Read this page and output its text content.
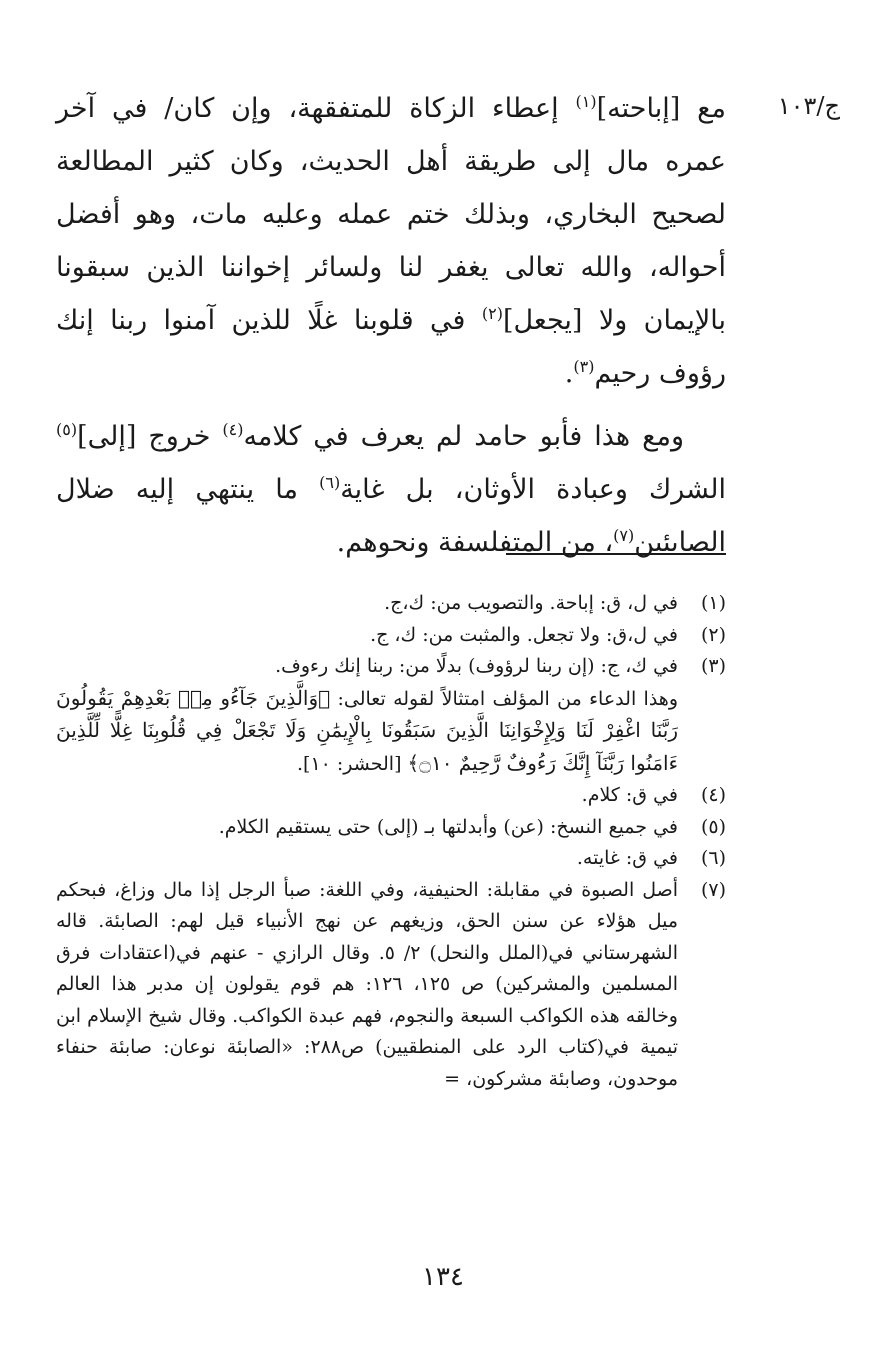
ج/١٠٣

مع [إباحته]$^{(١)}$ إعطاء الزكاة للمتفقهة، وإن كان/ في آخر عمره مال إلى طريقة أهل الحديث، وكان كثير المطالعة لصحيح البخاري، وبذلك ختم عمله وعليه مات، وهو أفضل أحواله، والله تعالى يغفر لنا ولسائر إخواننا الذين سبقونا بالإيمان ولا [يجعل]$^{(٢)}$ في قلوبنا غلًا للذين آمنوا ربنا إنك رؤوف رحيم$^{(٣)}$.

ومع هذا فأبو حامد لم يعرف في كلامه$^{(٤)}$ خروج [إلى]$^{(٥)}$ الشرك وعبادة الأوثان، بل غاية$^{(٦)}$ ما ينتهي إليه ضلال الصابئين$^{(٧)}$، من المتفلسفة ونحوهم.

(١)
في ل، ق: إباحة. والتصويب من: ك،ج.
(٢)
في ل،ق: ولا تجعل. والمثبت من: ك، ج.
(٣)
في ك، ج: (إن ربنا لرؤوف) بدلًا من: ربنا إنك رءوف.
وهذا الدعاء من المؤلف امتثالاً لقوله تعالى: ﴿وَالَّذِينَ جَآءُو مِنۢ بَعْدِهِمْ يَقُولُونَ رَبَّنَا اغْفِرْ لَنَا وَلِإِخْوَانِنَا الَّذِينَ سَبَقُونَا بِالْإِيمَٰنِ وَلَا تَجْعَلْ فِي قُلُوبِنَا غِلًّا لِّلَّذِينَ ءَامَنُوا رَبَّنَآ إِنَّكَ رَءُوفٌ رَّحِيمٌ ۝١٠﴾ [الحشر: ١٠].
(٤)
في ق: كلام.
(٥)
في جميع النسخ: (عن) وأبدلتها بـ (إلى) حتى يستقيم الكلام.
(٦)
في ق: غايته.
(٧)
أصل الصبوة في مقابلة: الحنيفية، وفي اللغة: صبأ الرجل إذا مال وزاغ، فبحكم ميل هؤلاء عن سنن الحق، وزيغهم عن نهج الأنبياء قيل لهم: الصابئة. قاله الشهرستاني في(الملل والنحل) ٢/ ٥. وقال الرازي - عنهم في(اعتقادات فرق المسلمين والمشركين) ص ١٢٥، ١٢٦: هم قوم يقولون إن مدبر هذا العالم وخالقه هذه الكواكب السبعة والنجوم، فهم عبدة الكواكب. وقال شيخ الإسلام ابن تيمية في(كتاب الرد على المنطقيين) ص٢٨٨: «الصابئة نوعان: صابئة حنفاء موحدون، وصابئة مشركون، =
١٣٤
